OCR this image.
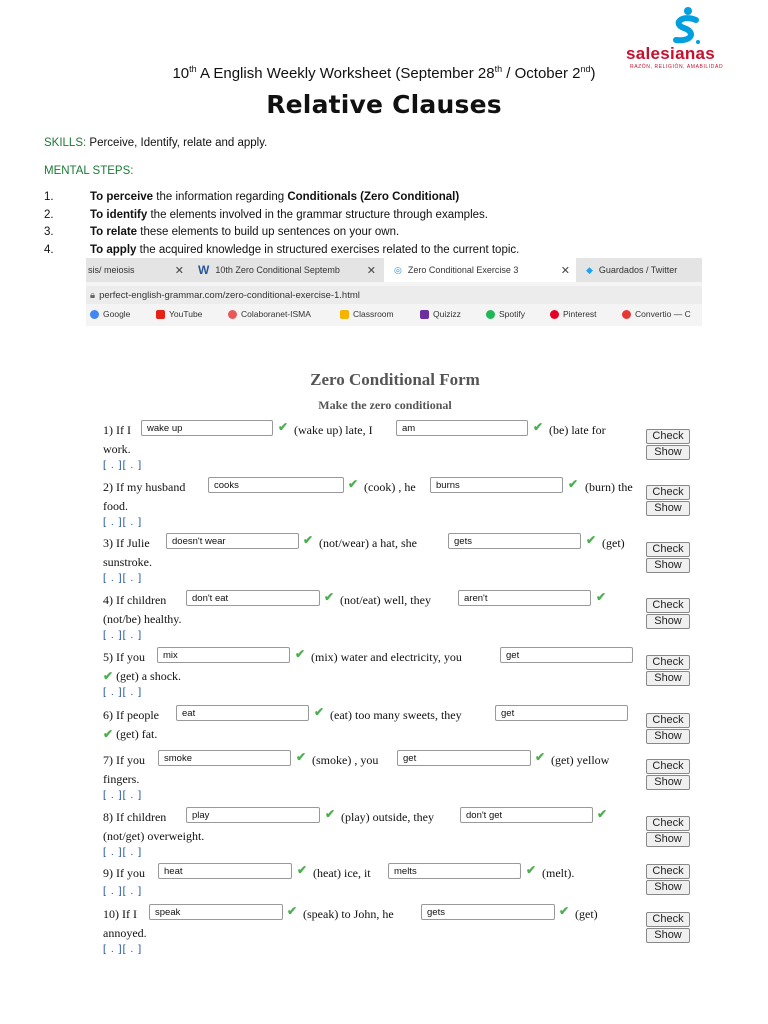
salesianas
RAZÓN, RELIGIÓN, AMABILIDAD
10th A English Weekly Worksheet (September 28th / October 2nd)
Relative Clauses
SKILLS: Perceive, Identify, relate and apply.
MENTAL STEPS:
1.	To perceive the information regarding Conditionals (Zero Conditional)
2.	To identify the elements involved in the grammar structure through examples.
3.	To relate these elements to build up sentences on your own.
4.	To apply the acquired knowledge in structured exercises related to the current topic.
sis/ meiosis	✕ W 10th Zero Conditional Septemb ✕ ◎ Zero Conditional Exercise 3	✕ ◆ Guardados / Twitter
🔒︎ perfect-english-grammar.com/zero-conditional-exercise-1.html
Google	YouTube	Colaboranet-ISMA	Classroom	Quizizz	Spotify	Pinterest	Convertio — C
Zero Conditional Form
Make the zero conditional
1) If I	wake up	✔ (wake up) late, I	am	✔ (be) late for
work.
[ . ][ . ]
Check
Show
2) If my husband	cooks	✔ (cook) , he	burns	✔ (burn) the
food.
[ . ][ . ]
Check
Show
3) If Julie	doesn't wear	✔ (not/wear) a hat, she	gets	✔ (get)
sunstroke.
[ . ][ . ]
Check
Show
4) If children	don't eat	✔ (not/eat) well, they	aren't	✔
(not/be) healthy.
[ . ][ . ]
Check
Show
5) If you	mix	✔ (mix) water and electricity, you	get
✔ (get) a shock.
[ . ][ . ]
Check
Show
6) If people	eat	✔ (eat) too many sweets, they	get
✔ (get) fat.
Check
Show
7) If you	smoke	✔ (smoke) , you	get	✔ (get) yellow
fingers.
[ . ][ . ]
Check
Show
8) If children	play	✔ (play) outside, they	don't get	✔
(not/get) overweight.
[ . ][ . ]
Check
Show
9) If you	heat	✔ (heat) ice, it	melts	✔ (melt).
[ . ][ . ]
Check
Show
10) If I	speak	✔ (speak) to John, he	gets	✔ (get)
annoyed.
[ . ][ . ]
Check
Show
